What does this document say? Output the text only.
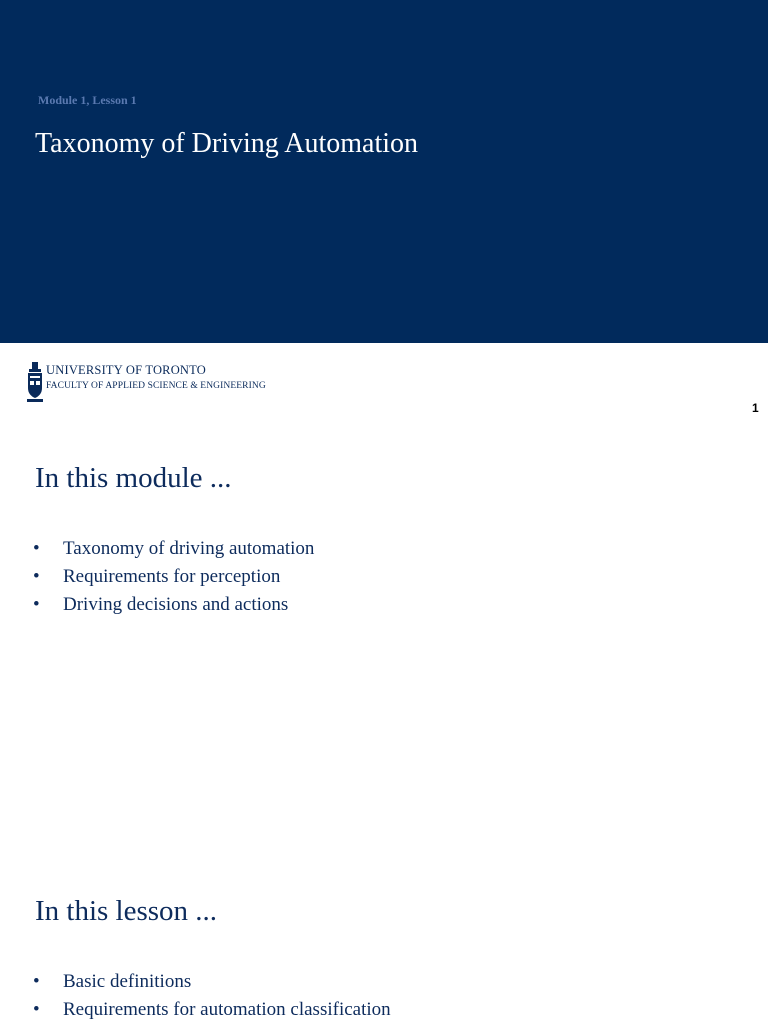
Module 1, Lesson 1
Taxonomy of Driving Automation
UNIVERSITY OF TORONTO
FACULTY OF APPLIED SCIENCE & ENGINEERING
1
In this module ...
• Taxonomy of driving automation
• Requirements for perception
• Driving decisions and actions
In this lesson ...
• Basic definitions
• Requirements for automation classification
